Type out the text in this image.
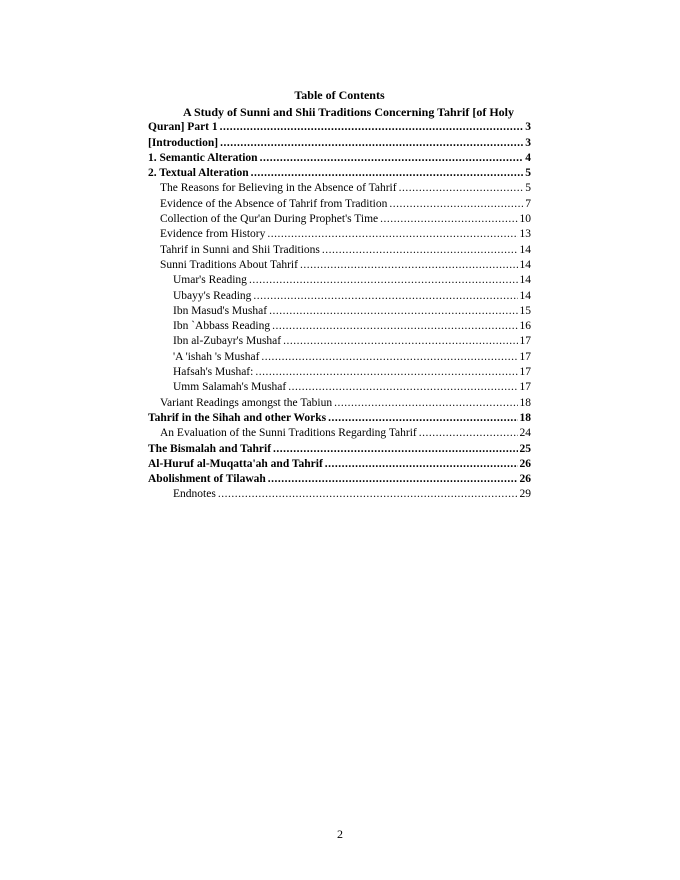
Table of Contents
A Study of Sunni and Shii Traditions Concerning Tahrif [of Holy
Quran] Part 1 .....	3
[Introduction] .....	3
1. Semantic Alteration .....	4
2. Textual Alteration .....	5
The Reasons for Believing in the Absence of Tahrif .....	5
Evidence of the Absence of Tahrif from Tradition .....	7
Collection of the Qur'an During Prophet's Time .....	10
Evidence from History .....	13
Tahrif in Sunni and Shii Traditions .....	14
Sunni Traditions About Tahrif .....	14
Umar's Reading .....	14
Ubayy's Reading .....	14
Ibn Masud's Mushaf .....	15
Ibn `Abbass Reading .....	16
Ibn al-Zubayr's Mushaf .....	17
'A 'ishah 's Mushaf .....	17
Hafsah's Mushaf: .....	17
Umm Salamah's Mushaf .....	17
Variant Readings amongst the Tabiun .....	18
Tahrif in the Sihah and other Works .....	18
An Evaluation of the Sunni Traditions Regarding Tahrif .....	24
The Bismalah and Tahrif .....	25
Al-Huruf al-Muqatta'ah and Tahrif .....	26
Abolishment of Tilawah .....	26
Endnotes .....	29
2
